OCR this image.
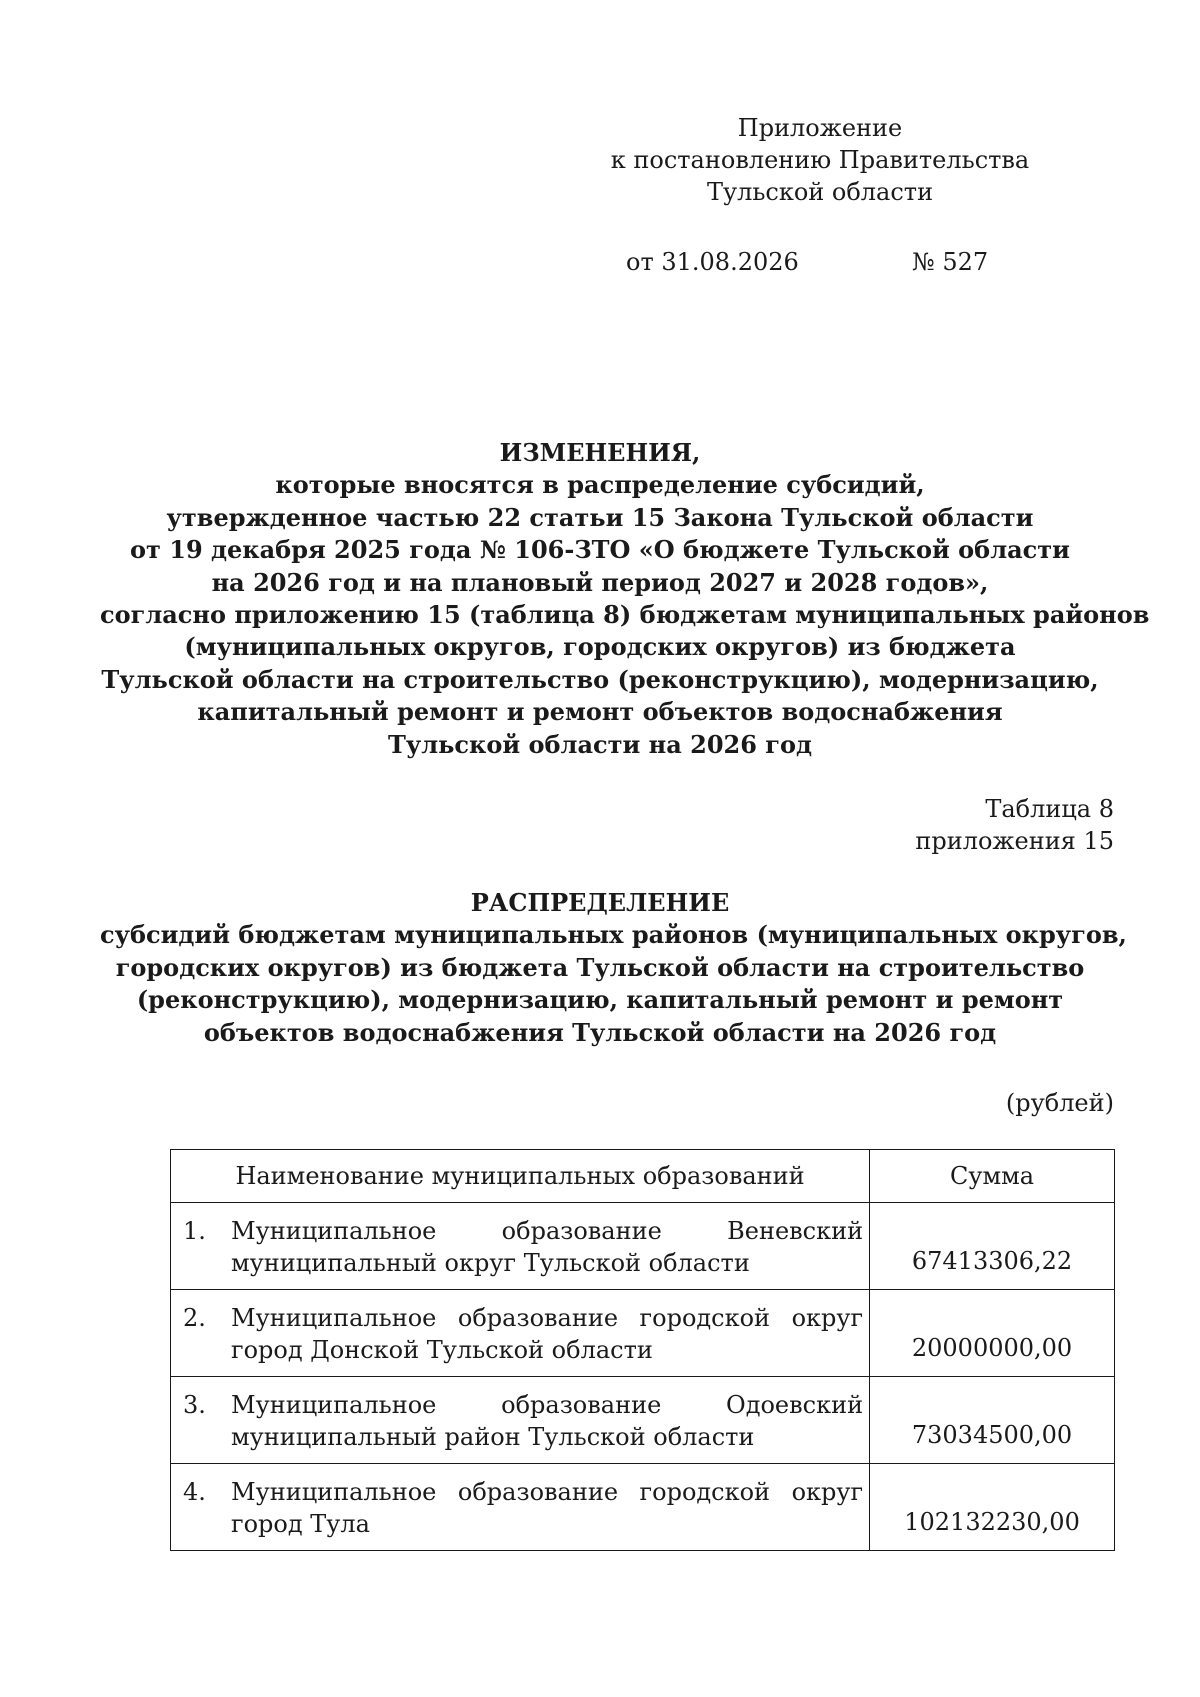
Приложение
к постановлению Правительства
Тульской области
от 31.08.2026	№ 527
ИЗМЕНЕНИЯ,
которые вносятся в распределение субсидий,
утвержденное частью 22 статьи 15 Закона Тульской области
от 19 декабря 2025 года № 106-ЗТО «О бюджете Тульской области
на 2026 год и на плановый период 2027 и 2028 годов»,
согласно приложению 15 (таблица 8) бюджетам муниципальных районов
(муниципальных округов, городских округов) из бюджета
Тульской области на строительство (реконструкцию), модернизацию,
капитальный ремонт и ремонт объектов водоснабжения
Тульской области на 2026 год
Таблица 8
приложения 15
РАСПРЕДЕЛЕНИЕ
субсидий бюджетам муниципальных районов (муниципальных округов,
городских округов) из бюджета Тульской области на строительство
(реконструкцию), модернизацию, капитальный ремонт и ремонт
объектов водоснабжения Тульской области на 2026 год
(рублей)
Наименование муниципальных образований	Сумма

1. Муниципальное образование Веневский муниципальный округ Тульской области	67413306,22

2. Муниципальное образование городской округ город Донской Тульской области	20000000,00

3. Муниципальное образование Одоевский муниципальный район Тульской области	73034500,00

4. Муниципальное образование городской округ город Тула	102132230,00
